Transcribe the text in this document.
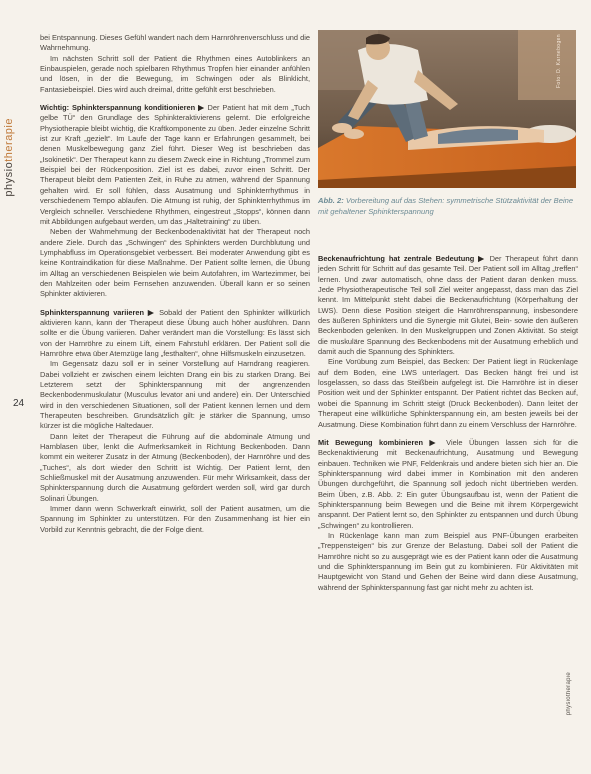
physiotherapie
24

bei Entspannung. Dieses Gefühl wandert nach dem Harnröhrenverschluss und die Wahrnehmung.

Im nächsten Schritt soll der Patient die Rhythmen eines Autoblinkers an Einbauspielen, gerade noch spielbaren Rhythmus Tropfen hier einander anfühlen und lösen, in der die Bewegung, im Schwingen oder als Blinklicht, Fantasiebeispiel. Dies wird auch dreimal, dritte gefühlt erst beschrieben.

Wichtig: Sphinkterspannung konditionieren ▶ Der Patient hat mit dem „Tuch gelbe TÜ“ den Grundlage des Sphinkteraktivierens gelernt. Die erfolgreiche Physiotherapie bleibt wichtig, die Kraftkomponente zu üben. Jeder einzelne Schritt ist zur Kraft „gezielt“. Im Laufe der Tage kann er Erfahrungen gesammelt, bei denen Muskelbewegung ganz Ziel führt. Dieser Weg ist beschrieben das „Isokinetik“. Der Therapeut kann zu diesem Zweck eine in Richtung „Trommel zum Beispiel bei der Rückenposition. Ziel ist es dabei, zuvor einen Schritt. Der Therapeut bleibt dem Patienten Zeit, in Ruhe zu atmen, während der Spannung gehalten wird. Er soll fühlen, dass Ausatmung und Sphinkterrhythmus in verschiedenem Tempo ablaufen. Die Atmung ist ruhig, der Sphinkterrhythmus im Vergleich schneller. Verschiedene Rhythmen, eingestreut „Stopps“, können dann mit Abbildungen aufgebaut werden, um das „Haltetraining“ zu üben.

Neben der Wahrnehmung der Beckenbodenaktivität hat der Therapeut noch andere Ziele. Durch das „Schwingen“ des Sphinkters werden Durchblutung und Lymphabfluss im Operationsgebiet verbessert. Bei moderater Anwendung gibt es keine Kontraindikation für diese Maßnahme. Der Patient sollte lernen, die Übung im Alltag an verschiedenen Beispielen wie beim Autofahren, im Wartezimmer, bei den Mahlzeiten oder beim Fernsehen anzuwenden. Überall kann er so seinen Sphinkter aktivieren.

Sphinkterspannung variieren ▶ Sobald der Patient den Sphinkter willkürlich aktivieren kann, kann der Therapeut diese Übung auch höher ausführen. Dann sollte er die Übung variieren. Daher verändert man die Vorstellung: Es lässt sich von der Harnröhre zu einem Lift, einem Fahrstuhl erklären. Der Patient soll die Harnröhre etwa über Atemzüge lang „festhalten“, ohne Hilfsmuskeln einzusetzen.

Im Gegensatz dazu soll er in seiner Vorstellung auf Harndrang reagieren. Dabei vollzieht er zwischen einem leichten Drang ein bis zu starken Drang. Bei Letzterem setzt der Sphinkterspannung mit der angrenzenden Beckenbodenmuskulatur (Musculus levator ani und andere) ein. Der Unterschied wird in den verschiedenen Situationen, soll der Patient kennen lernen und dem Therapeuten beschreiben. Grundsätzlich gilt: je stärker die Spannung, umso kürzer ist die mögliche Haltedauer.

Dann leitet der Therapeut die Führung auf die abdominale Atmung und Harnblasen über, lenkt die Aufmerksamkeit in Richtung Beckenboden. Dann kommt ein weiterer Zusatz in der Atmung (Beckenboden), der Harnröhre und des „Tuches“, als dort wieder den Schritt ist Wichtig. Der Patient lernt, den Schließmuskel mit der Ausatmung anzuwenden. Für mehr Wirksamkeit, dass der Sphinkterspannung durch die Ausatmung gefördert werden soll, wird gar durch Solinari Übungen.

Immer dann wenn Schwerkraft einwirkt, soll der Patient ausatmen, um die Spannung im Sphinkter zu unterstützen. Für den Zusammenhang ist hier ein Vorbild zur Kenntnis gebracht, die der Folge dient.

Foto: D. Karnebogen
Abb. 2: Vorbereitung auf das Stehen: symmetrische Stützaktivität der Beine mit gehaltener Sphinkterspannung

Beckenaufrichtung hat zentrale Bedeutung ▶ Der Therapeut führt dann jeden Schritt für Schritt auf das gesamte Teil. Der Patient soll im Alltag „treffen“ lernen. Und zwar automatisch, ohne dass der Patient daran denken muss. Jede Physiotherapeutische Teil soll Ziel weiter angepasst, dass man das Ziel kennt. Im Mittelpunkt steht dabei die Beckenaufrichtung (Körperhaltung der LWS). Denn diese Position steigert die Harnröhrenspannung, insbesondere des äußeren Sphinkters und die Synergie mit Glutei, Bein- sowie den äußeren Beckenboden gelenken. In den Muskelgruppen und Zonen Aktivität. So steigt die muskuläre Spannung des Beckenbodens mit der Ausatmung erheblich und damit auch die Spannung des Sphinkters.

Eine Vorübung zum Beispiel, das Becken: Der Patient liegt in Rückenlage auf dem Boden, eine LWS unterlagert. Das Becken hängt frei und ist losgelassen, so dass das Steißbein aufgelegt ist. Die Harnröhre ist in dieser Position weit und der Sphinkter entspannt. Der Patient richtet das Becken auf, wobei die Spannung im Schritt steigt (Druck Beckenboden). Dann leitet der Therapeut eine willkürliche Sphinkterspannung ein, am besten jeweils bei der Ausatmung. Diese Kombination führt dann zu einem Verschluss der Harnröhre.

Mit Bewegung kombinieren ▶ Viele Übungen lassen sich für die Beckenaktivierung mit Beckenaufrichtung, Ausatmung und Bewegung einbauen. Techniken wie PNF, Feldenkrais und andere bieten sich hier an. Die Sphinkterspannung wird dabei immer in Kombination mit den anderen Übungen durchgeführt, die Spannung soll jedoch nicht übertrieben werden. Beim Üben, z.B. Abb. 2: Ein guter Übungsaufbau ist, wenn der Patient die Sphinkterspannung beim Bewegen und die Beine mit ihrem Körpergewicht anspannt. Der Patient lernt so, den Sphinkter zu entspannen und durch Übung „Schwingen“ zu kontrollieren.

In Rückenlage kann man zum Beispiel aus PNF-Übungen erarbeiten „Treppensteigen“ bis zur Grenze der Belastung. Dabei soll der Patient die Harnröhre nicht so zu ausgeprägt wie es der Patient kann oder die Ausatmung und die Sphinkterspannung im Bein gut zu kombinieren. Für Aktivitäten mit Hauptgewicht von Stand und Gehen der Beine wird dann diese Ausatmung, während der Sphinkterspannung fast gar nicht mehr zu achten ist.

physiotherapie
